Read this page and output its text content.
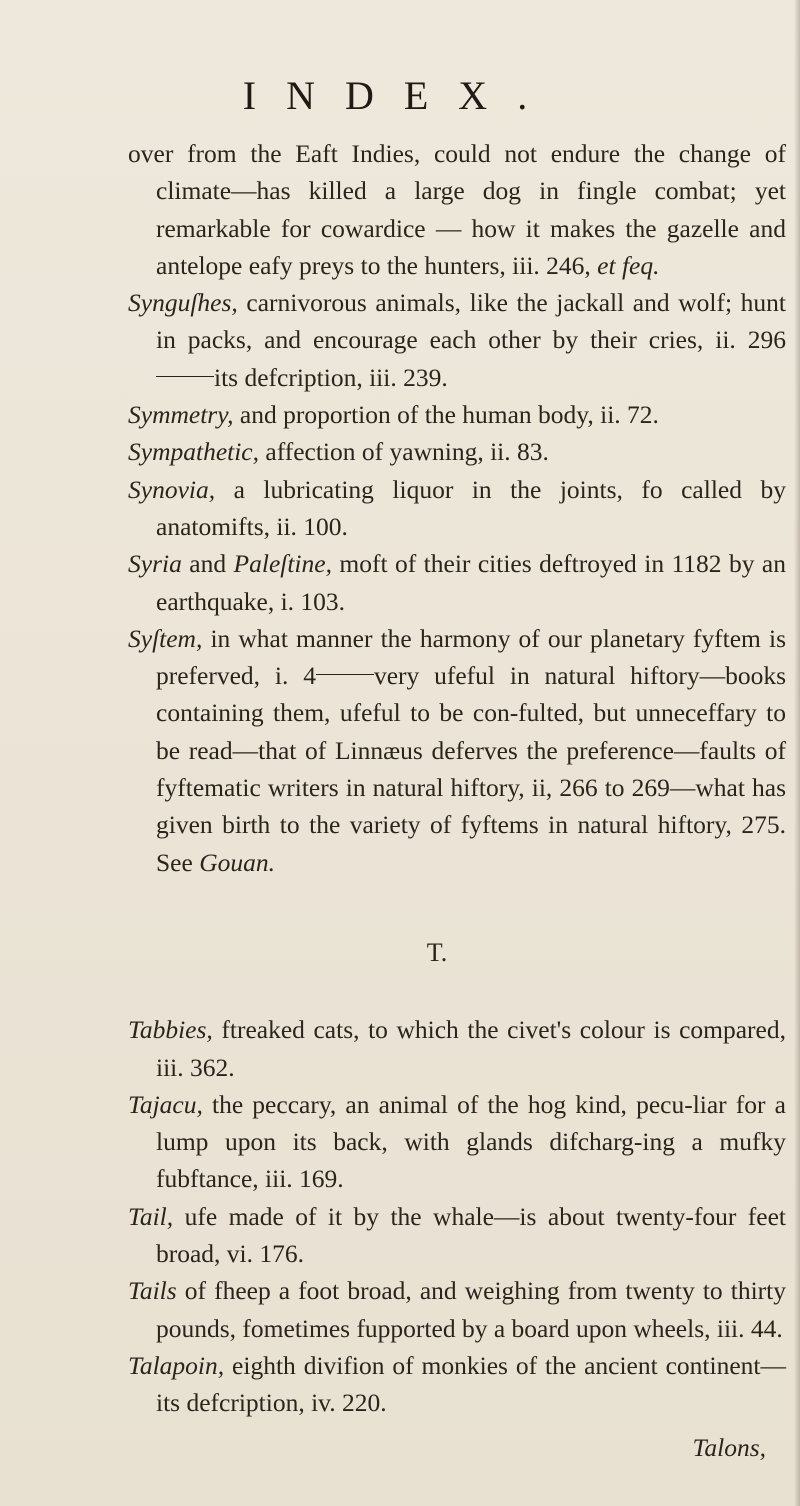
INDEX.

over from the Eaft Indies, could not endure the change of climate—has killed a large dog in fingle combat; yet remarkable for cowardice — how it makes the gazelle and antelope eafy preys to the hunters, iii. 246, et feq.

Synguſhes, carnivorous animals, like the jackall and wolf; hunt in packs, and encourage each other by their cries, ii. 296its defcription, iii. 239.

Symmetry, and proportion of the human body, ii. 72.

Sympathetic, affection of yawning, ii. 83.

Synovia, a lubricating liquor in the joints, fo called by anatomifts, ii. 100.

Syria and Paleſtine, moft of their cities deftroyed in 1182 by an earthquake, i. 103.

Syſtem, in what manner the harmony of our planetary fyftem is preferved, i. 4 very ufeful in natural hiftory—books containing them, ufeful to be con-fulted, but unneceffary to be read—that of Linnæus deferves the preference—faults of fyftematic writers in natural hiftory, ii, 266 to 269—what has given birth to the variety of fyftems in natural hiftory, 275. See Gouan.

T.

Tabbies, ftreaked cats, to which the civet's colour is compared, iii. 362.

Tajacu, the peccary, an animal of the hog kind, pecu-liar for a lump upon its back, with glands difcharg-ing a mufky fubftance, iii. 169.

Tail, ufe made of it by the whale—is about twenty-four feet broad, vi. 176.

Tails of fheep a foot broad, and weighing from twenty to thirty pounds, fometimes fupported by a board upon wheels, iii. 44.

Talapoin, eighth divifion of monkies of the ancient continent—its defcription, iv. 220.

Talons,
